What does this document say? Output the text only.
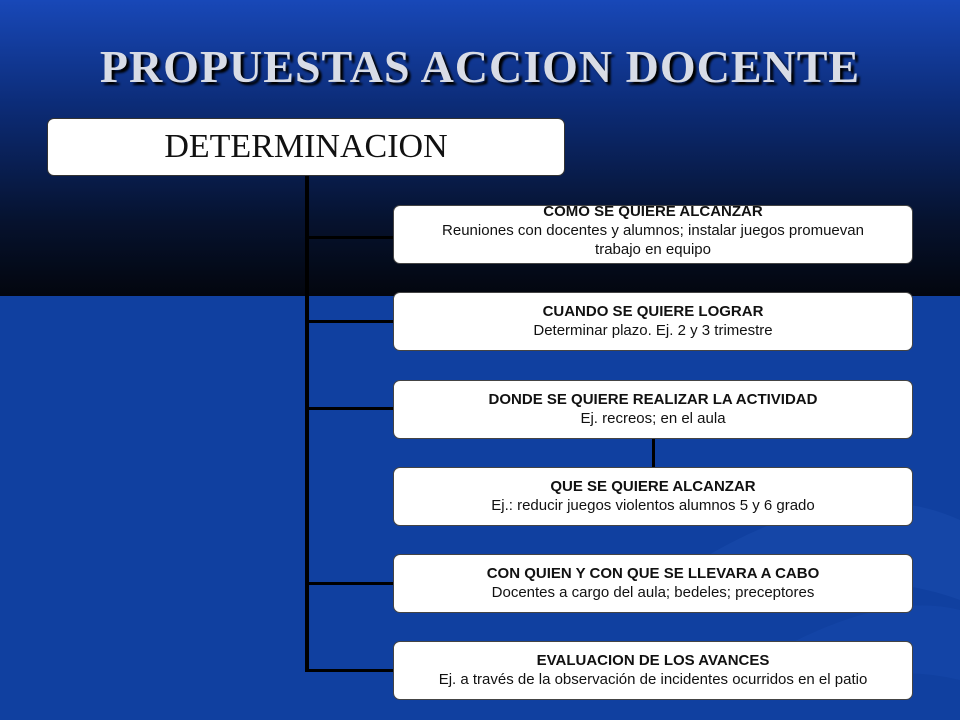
PROPUESTAS ACCION DOCENTE
DETERMINACION
COMO SE QUIERE ALCANZAR
Reuniones con docentes y alumnos; instalar juegos promuevan trabajo en equipo
CUANDO SE QUIERE LOGRAR
Determinar plazo. Ej. 2 y 3 trimestre
DONDE SE QUIERE REALIZAR LA ACTIVIDAD
Ej. recreos; en el aula
QUE SE QUIERE ALCANZAR
Ej.: reducir juegos violentos alumnos 5 y 6 grado
CON QUIEN Y CON QUE SE LLEVARA A CABO
Docentes a cargo del aula; bedeles; preceptores
EVALUACION DE LOS AVANCES
Ej. a través de la observación de incidentes ocurridos en el patio
